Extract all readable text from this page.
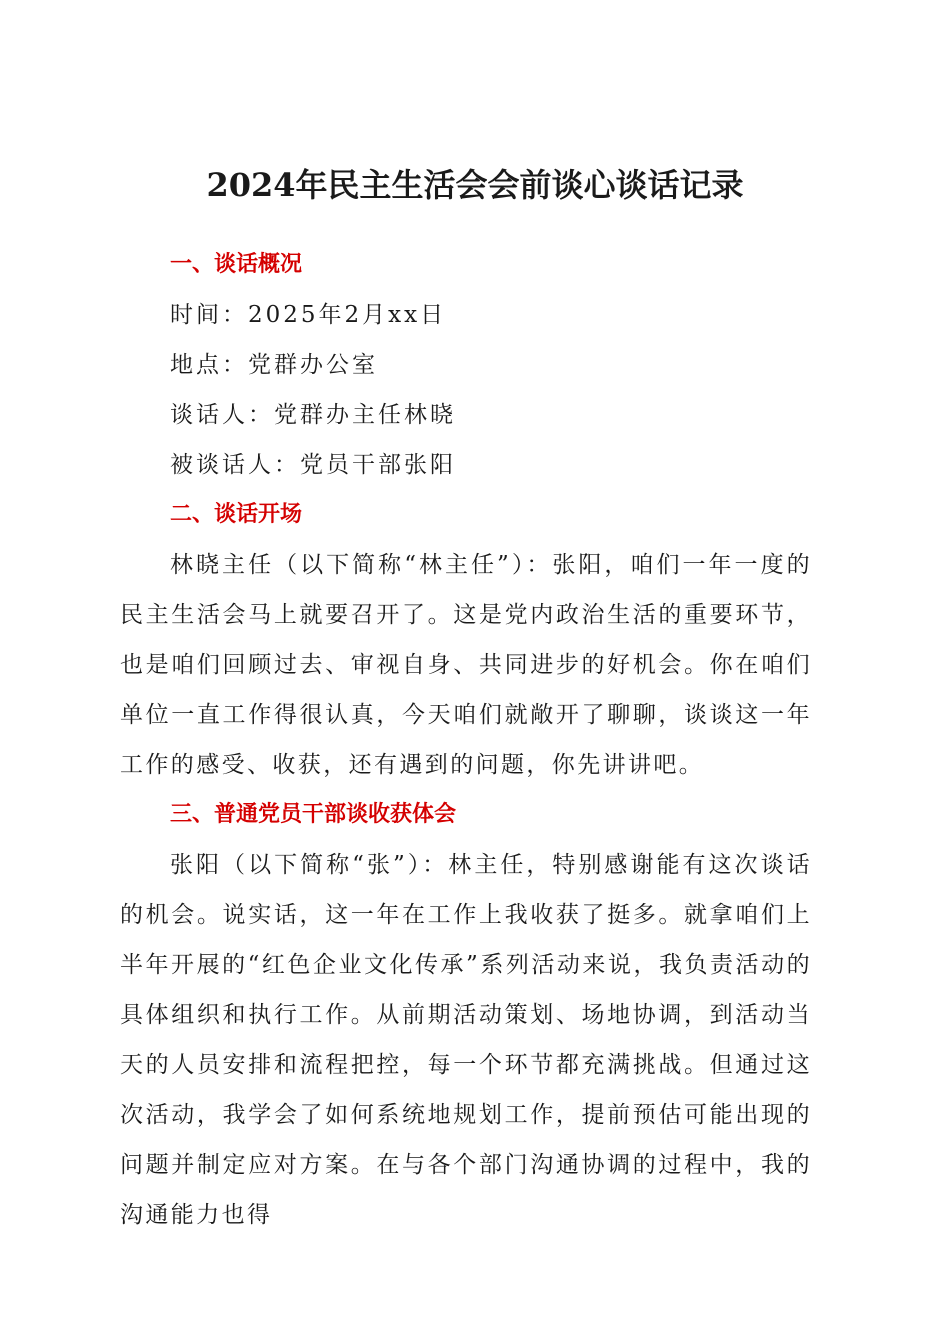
2024年民主生活会会前谈心谈话记录
一、谈话概况
时间：2025年2月xx日
地点：党群办公室
谈话人：党群办主任林晓
被谈话人：党员干部张阳
二、谈话开场

林晓主任（以下简称“林主任”）：张阳，咱们一年一度的民主生活会马上就要召开了。这是党内政治生活的重要环节，也是咱们回顾过去、审视自身、共同进步的好机会。你在咱们单位一直工作得很认真，今天咱们就敞开了聊聊，谈谈这一年工作的感受、收获，还有遇到的问题，你先讲讲吧。

三、普通党员干部谈收获体会

张阳（以下简称“张”）：林主任，特别感谢能有这次谈话的机会。说实话，这一年在工作上我收获了挺多。就拿咱们上半年开展的“红色企业文化传承”系列活动来说，我负责活动的具体组织和执行工作。从前期活动策划、场地协调，到活动当天的人员安排和流程把控，每一个环节都充满挑战。但通过这次活动，我学会了如何系统地规划工作，提前预估可能出现的问题并制定应对方案。在与各个部门沟通协调的过程中，我的沟通能力也得
